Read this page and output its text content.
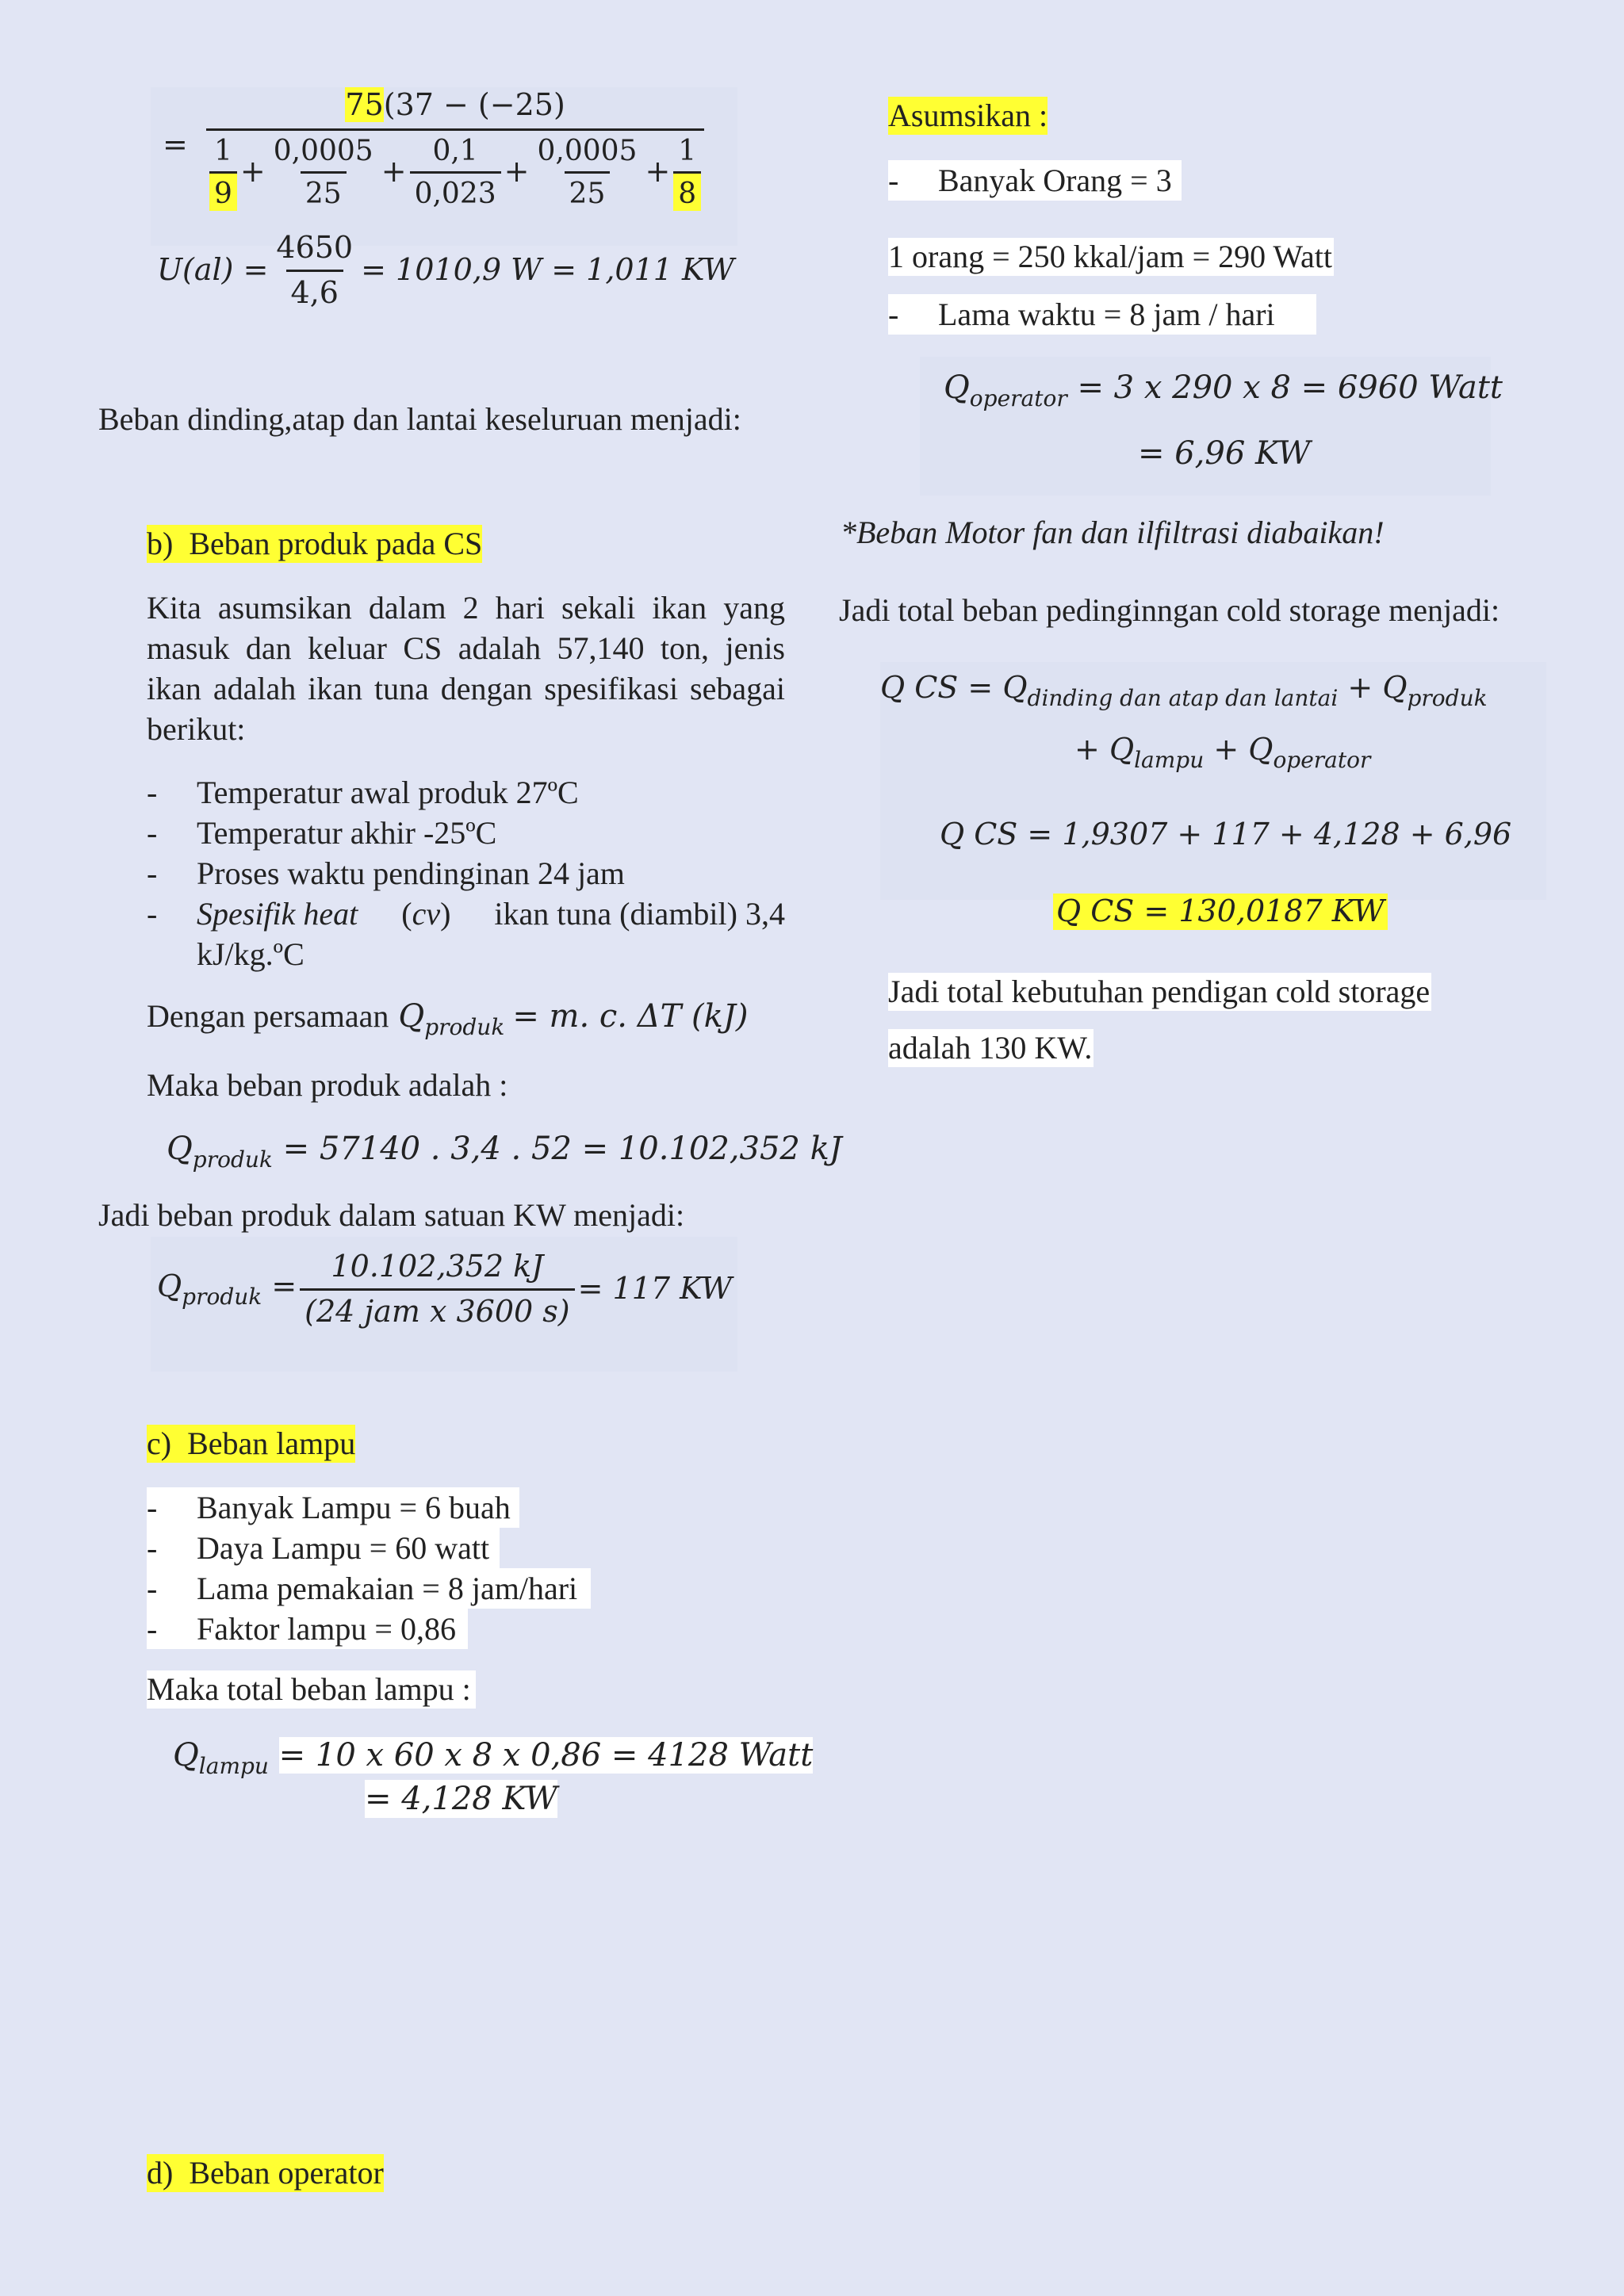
=
75(37 − (−25)
$\frac{1}{9} + \frac{0,0005}{25} + \frac{0,1}{0,023} + \frac{0,0005}{25} + \frac{1}{8}$
$U(al) = \frac{4650}{4,6} = 1010,9$ W = 1,011 KW
Beban dinding,atap dan lantai keseluruan menjadi:
b) Beban produk pada CS
Kita asumsikan dalam 2 hari sekali ikan yang masuk dan keluar CS adalah 57,140 ton, jenis ikan adalah ikan tuna dengan spesifikasi sebagai berikut:
- Temperatur awal produk 27ºC
- Temperatur akhir -25ºC
- Proses waktu pendinginan 24 jam
- Spesifik heat (cv) ikan tuna (diambil) 3,4
kJ/kg.ºC
Dengan persamaan $Q_{produk} = m$. c. ΔT (kJ)
Maka beban produk adalah :
$Q_{produk} = 57140$ . 3,4 . 52 = 10.102,352 kJ
Jadi beban produk dalam satuan KW menjadi:
$Q_{produk} = \frac{10.102,352 kJ}{\text{(24 jam x 3600 s)}} = 117$ KW
c) Beban lampu
- Banyak Lampu = 6 buah
- Daya Lampu = 60 watt
- Lama pemakaian = 8 jam/hari
- Faktor lampu = 0,86
Maka total beban lampu :
$Q_{lampu} = 10$ x 60 x 8 x 0,86 = 4128 Watt
= 4,128 KW
d) Beban operator
Asumsikan :
- Banyak Orang = 3
1 orang = 250 kkal/jam = 290 Watt
- Lama waktu = 8 jam / hari
$Q_{operator} = 3$ x 290 x 8 = 6960 Watt
= 6,96 KW
*Beban Motor fan dan ilfiltrasi diabaikan!
Jadi total beban pedinginngan cold storage menjadi:
Q CS = $Q_{dinding dan atap dan lantai} + Q_{produk}$
+ $Q_{lampu} + Q_{operator}$
Q CS = 1,9307 + 117 + 4,128 + 6,96
Q CS = 130,0187 KW
Jadi total kebutuhan pendigan cold storage
adalah 130 KW.
